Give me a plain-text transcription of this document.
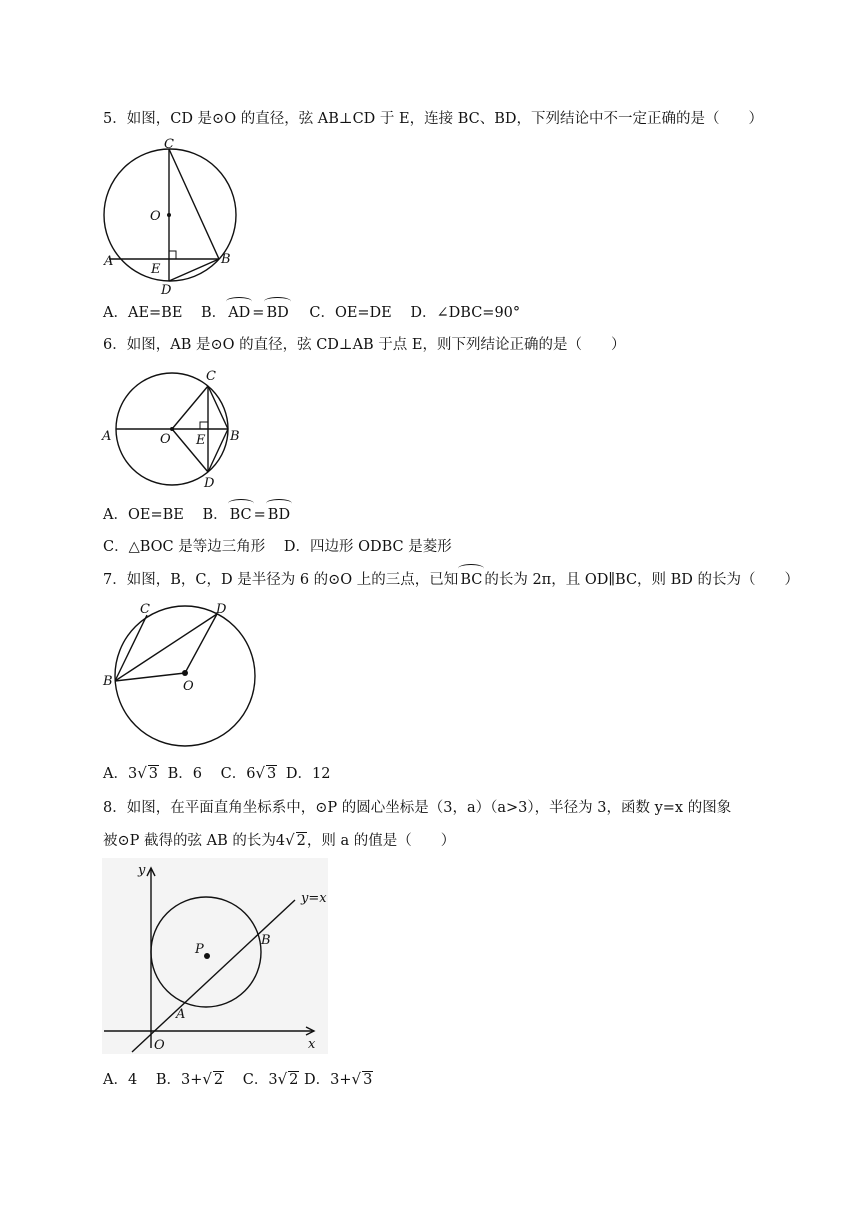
5．如图，CD 是⊙O 的直径，弦 AB⊥CD 于 E，连接 BC、BD，下列结论中不一定正确的是（　　）
C
O
A
E
B
D
A．AE=BE B． AD = BD C．OE=DE D．∠DBC=90°
6．如图，AB 是⊙O 的直径，弦 CD⊥AB 于点 E，则下列结论正确的是（　　）
A	O E B
C
D
A．OE=BE B． BC = BD
C．△BOC 是等边三角形 D．四边形 ODBC 是菱形
7．如图，B，C，D 是半径为 6 的⊙O 上的三点，已知 BC 的长为 2π，且 OD∥BC，则 BD 的长为（　　）
B
C	D
O
A．3√ 3 B．6 C．6√ 3 D．12
8．如图，在平面直角坐标系中，⊙P 的圆心坐标是（3，a）（a>3），半径为 3，函数 y=x 的图象
被⊙P 截得的弦 AB 的长为4√ 2，则 a 的值是（　　）
y
x
O
P
A
B
y=x
A．4 B．3+√ 2 C．3√ 2 D．3+√ 3
